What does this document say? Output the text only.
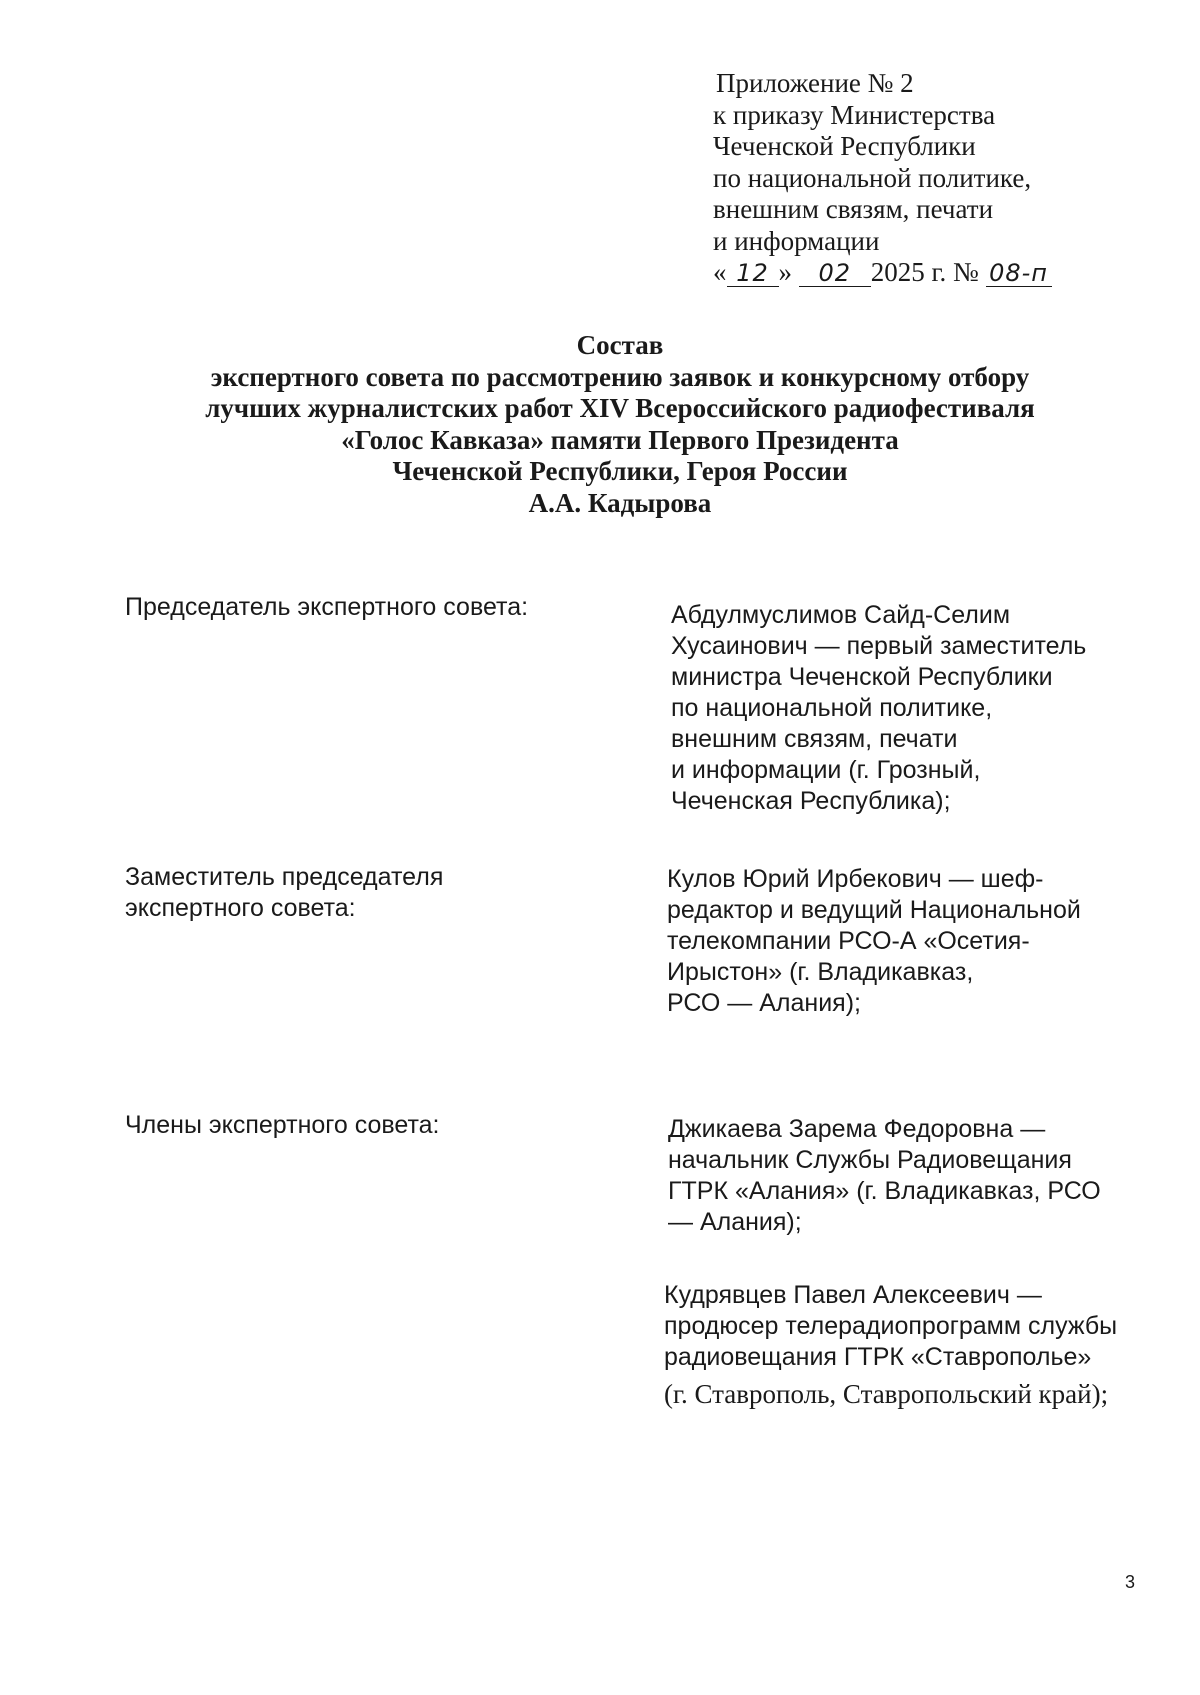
Приложение № 2
к приказу Министерства
Чеченской Республики
по национальной политике,
внешним связям, печати
и информации
« 12 » 02 2025 г. № 08-п
Состав
экспертного совета по рассмотрению заявок и конкурсному отбору
лучших журналистских работ XIV Всероссийского радиофестиваля
«Голос Кавказа» памяти Первого Президента
Чеченской Республики, Героя России
А.А. Кадырова
Председатель экспертного совета:	Абдулмуслимов Сайд-Селим
Хусаинович — первый заместитель
министра Чеченской Республики
по национальной политике,
внешним связям, печати
и информации (г. Грозный,
Чеченская Республика);
Заместитель председателя
экспертного совета:
Кулов Юрий Ирбекович — шеф-
редактор и ведущий Национальной
телекомпании РСО-А «Осетия-
Ирыстон» (г. Владикавказ,
РСО — Алания);
Члены экспертного совета:	Джикаева Зарема Федоровна —
начальник Службы Радиовещания
ГТРК «Алания» (г. Владикавказ, РСО
— Алания);
Кудрявцев Павел Алексеевич —
продюсер телерадиопрограмм службы
радиовещания ГТРК «Ставрополье»
(г. Ставрополь, Ставропольский край);
3
